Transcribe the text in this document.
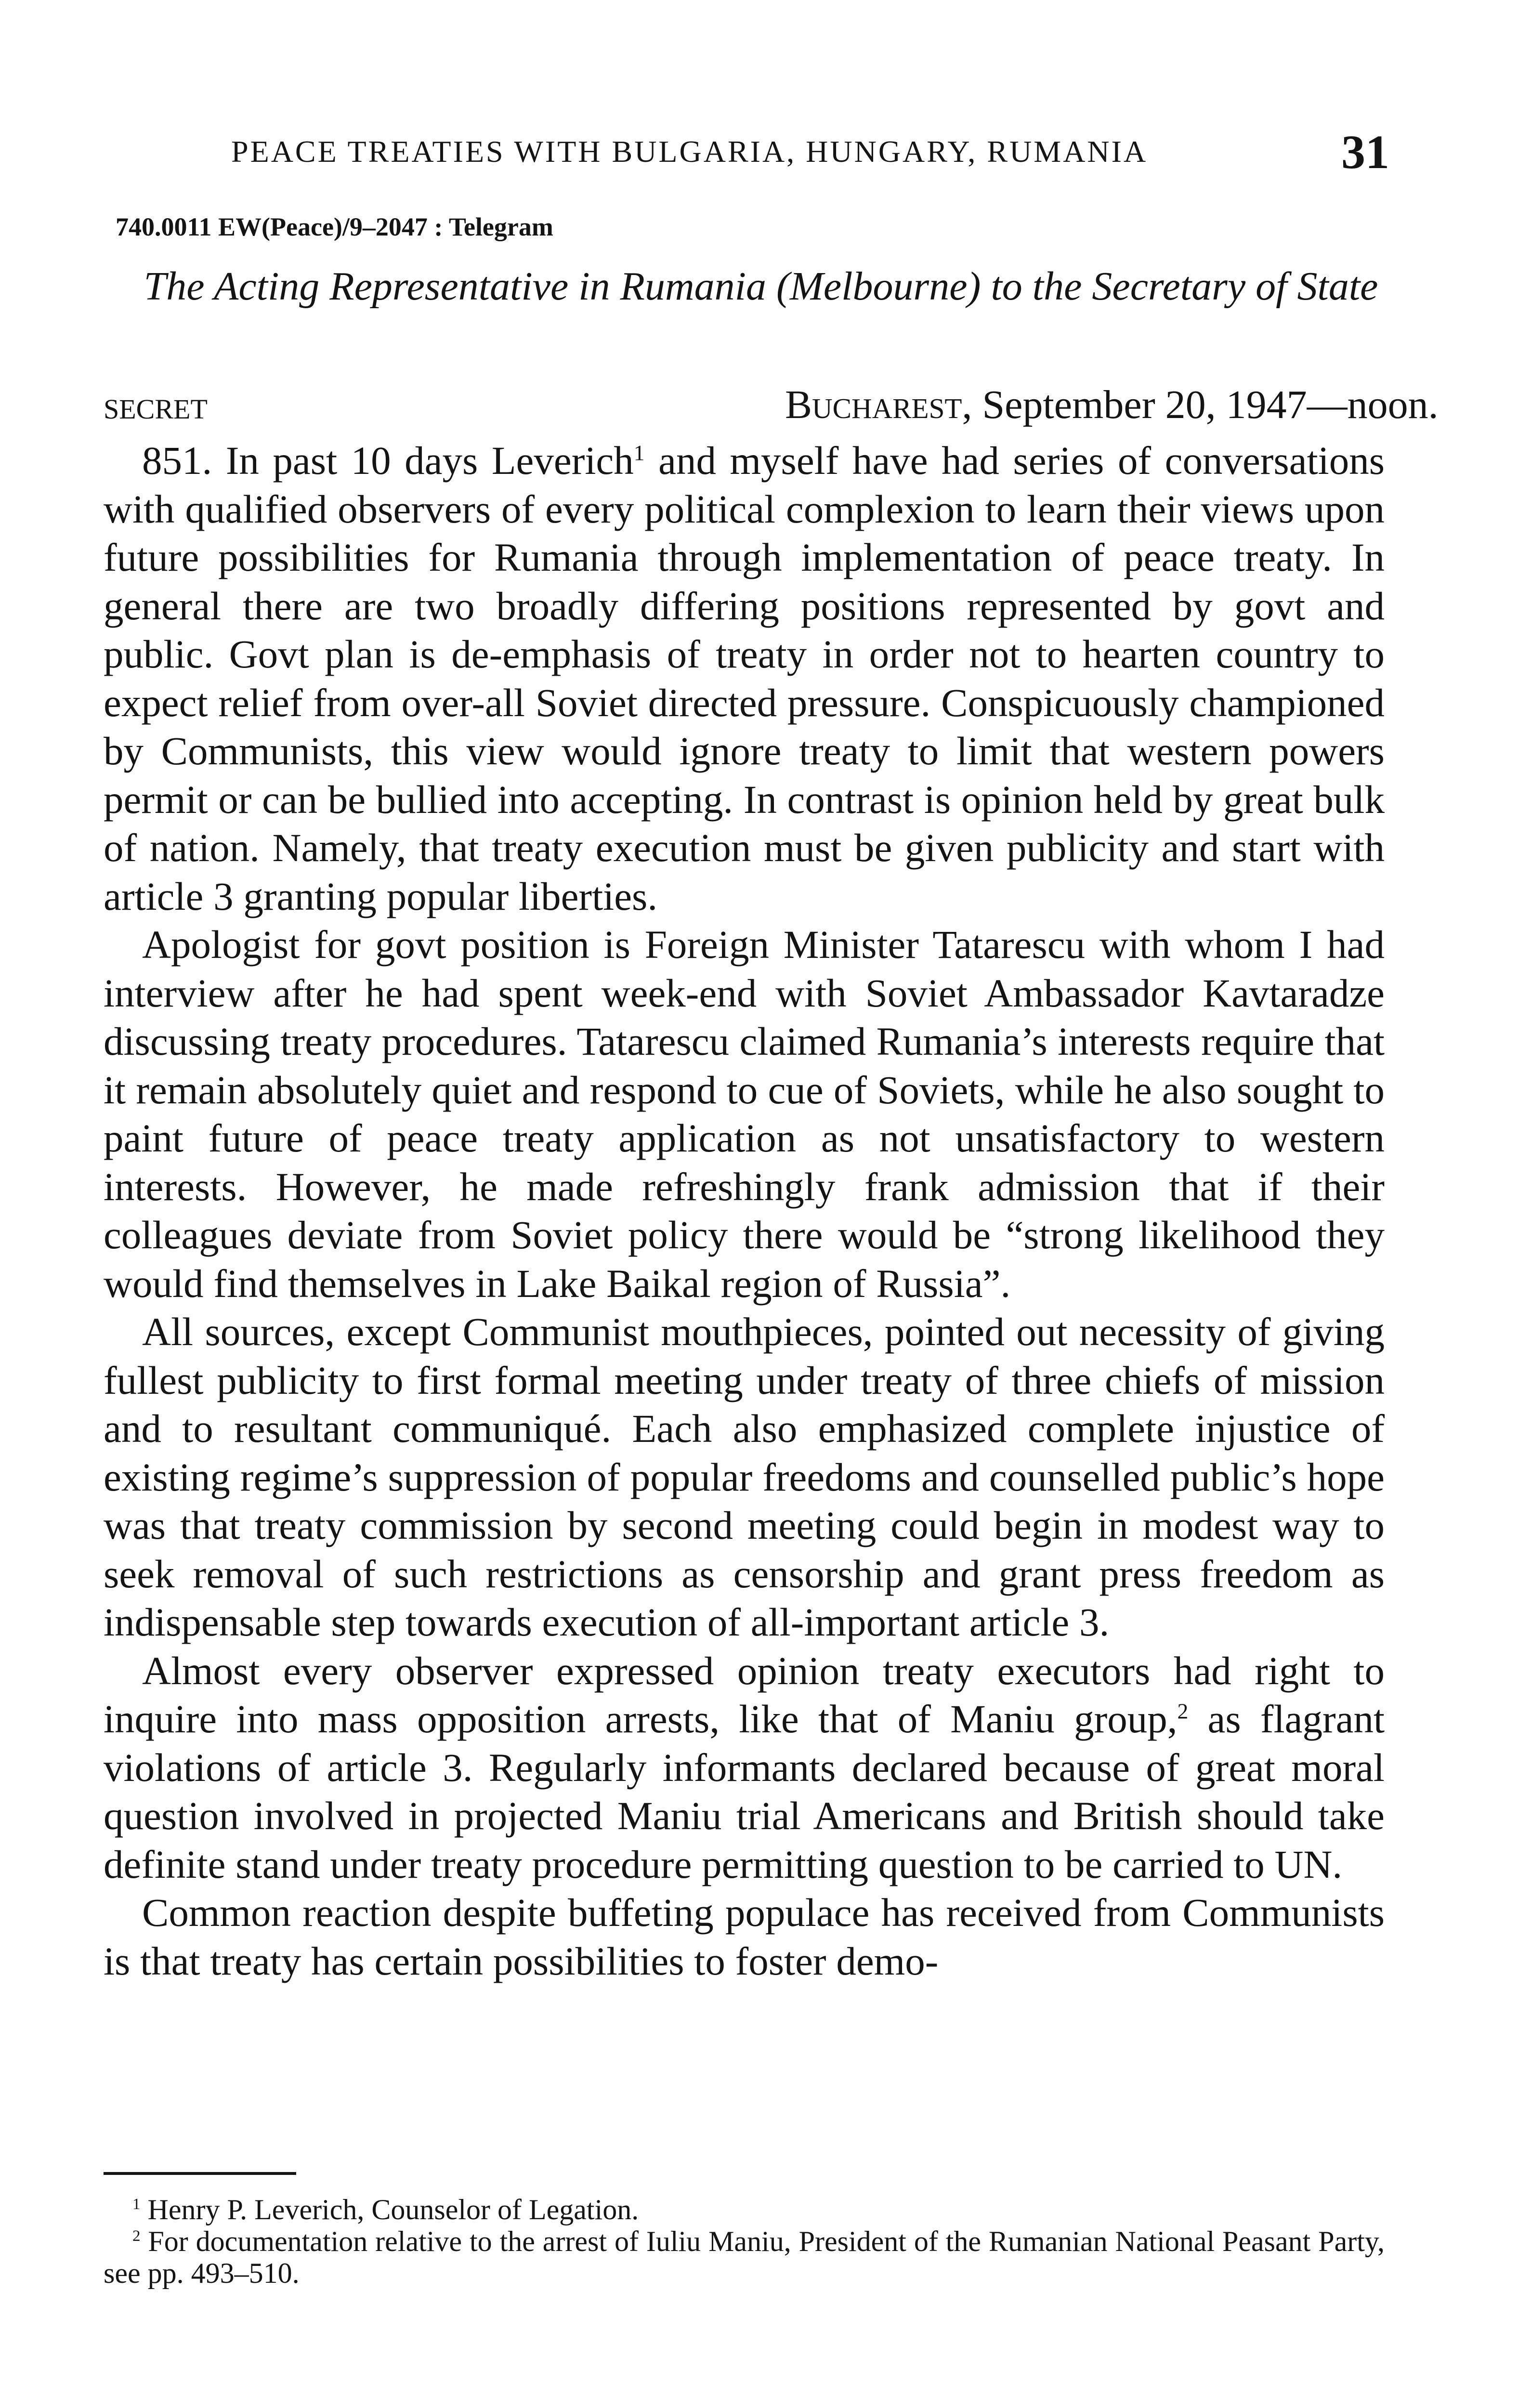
PEACE TREATIES WITH BULGARIA, HUNGARY, RUMANIA	31
740.0011 EW(Peace)/9–2047 : Telegram
The Acting Representative in Rumania (Melbourne) to the Secretary of State
SECRET	Bucharest, September 20, 1947—noon.

851. In past 10 days Leverich$^1$ and myself have had series of conversations with qualified observers of every political complexion to learn their views upon future possibilities for Rumania through implementation of peace treaty. In general there are two broadly differing positions represented by govt and public. Govt plan is de-emphasis of treaty in order not to hearten country to expect relief from over-all Soviet directed pressure. Conspicuously championed by Communists, this view would ignore treaty to limit that western powers permit or can be bullied into accepting. In contrast is opinion held by great bulk of nation. Namely, that treaty execution must be given publicity and start with article 3 granting popular liberties.

Apologist for govt position is Foreign Minister Tatarescu with whom I had interview after he had spent week-end with Soviet Ambassador Kavtaradze discussing treaty procedures. Tatarescu claimed Rumania’s interests require that it remain absolutely quiet and respond to cue of Soviets, while he also sought to paint future of peace treaty application as not unsatisfactory to western interests. However, he made refreshingly frank admission that if their colleagues deviate from Soviet policy there would be “strong likelihood they would find themselves in Lake Baikal region of Russia”.

All sources, except Communist mouthpieces, pointed out necessity of giving fullest publicity to first formal meeting under treaty of three chiefs of mission and to resultant communiqué. Each also emphasized complete injustice of existing regime’s suppression of popular freedoms and counselled public’s hope was that treaty commission by second meeting could begin in modest way to seek removal of such restrictions as censorship and grant press freedom as indispensable step towards execution of all-important article 3.

Almost every observer expressed opinion treaty executors had right to inquire into mass opposition arrests, like that of Maniu group,$^2$ as flagrant violations of article 3. Regularly informants declared because of great moral question involved in projected Maniu trial Americans and British should take definite stand under treaty procedure permitting question to be carried to UN.

Common reaction despite buffeting populace has received from Communists is that treaty has certain possibilities to foster demo-

$^1$ Henry P. Leverich, Counselor of Legation.

$^2$ For documentation relative to the arrest of Iuliu Maniu, President of the Rumanian National Peasant Party, see pp. 493–510.
